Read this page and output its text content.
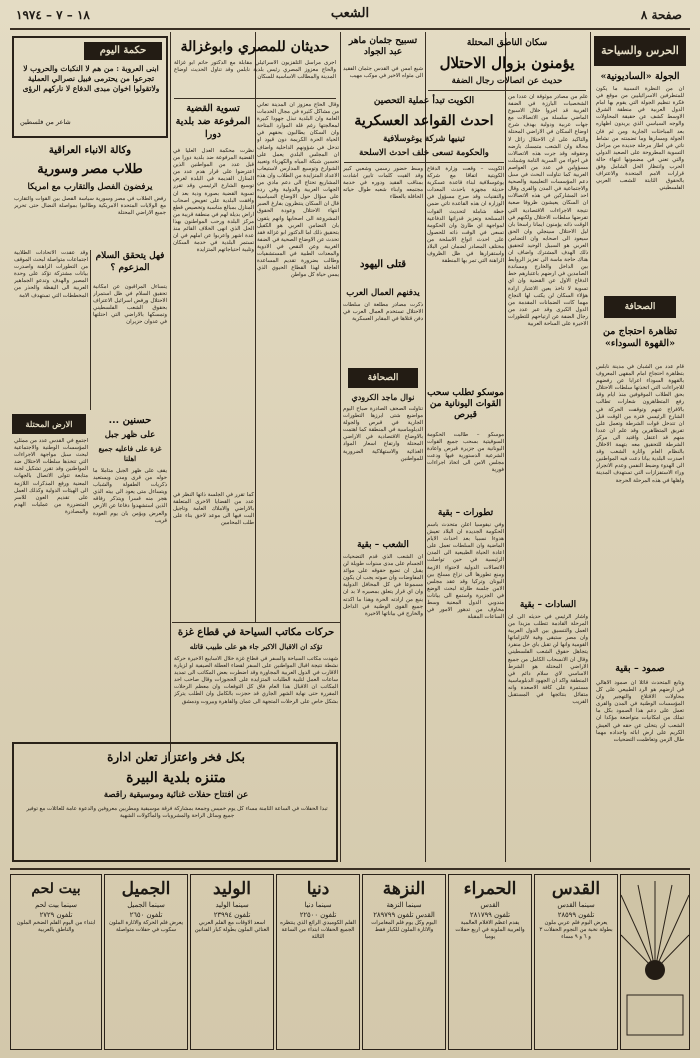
صفحة ٨
الشعب
١٨ – ٧ – ١٩٧٤
الحرس والسياحة
الجولة «الساديونية»
ان من النظرة النسبية ما يكون للمتطرفين الاسرائيليين من موقع في فكرة تنظيم الجولة التي يقوم بها امام الدول العربية في منطقة الشرق الاوسط كشف عن حقيقة المحاولات والوجه السياسي الذي يريدون اظهاره بعد المباحثات الجارية ومن ثم فان الجولة ومسارها وما تضمنته من نشاط تاتي في اطار مرحلة جديدة من مراحل التسوية المطروحة على الصعيد الدولي والتي تعني في مضمونها انتهاء حالة الحرب وانتظار الحل الشامل وفق قرارات الامم المتحدة والاعتراف بالحقوق الثابتة للشعب العربي الفلسطيني
الصحافة
تظاهرة احتجاج من «القهوة السوداء»
قام عدد من الشبان في مدينة نابلس بتظاهرة احتجاج امام المقهى المعروف بالقهوة السوداء اعرابا عن رفضهم للاجراءات التي اتخذتها سلطات الاحتلال بحق الطلاب الموقوفين منذ ايام وقد رفع المتظاهرون شعارات تطالب بالافراج عنهم وتوقفت الحركة في الشارع الرئيسي فترة من الوقت قبل ان تتدخل قوات الشرطة وتعمل على تفريق المتظاهرين وقد علم ان عددا منهم قد اعتقل واقتيد الى مركز الشرطة للتحقيق معه بتهمة الاخلال بالنظام العام واثارة الشغب وقد اصدرت البلدية بيانا دعت فيه المواطنين الى الهدوء وضبط النفس وعدم الانجرار وراء الاستفزازات التي تستهدف المدينة واهلها في هذه المرحلة الحرجة
صمود – بقية
وتابع المتحدث قائلا ان صمود الاهالي في ارضهم هو الرد الطبيعي على كل محاولات الاقتلاع والتهجير وان المؤسسات الوطنية في المدن والقرى تعمل على دعم هذا الصمود بكل ما تملك من امكانيات متواضعة مؤكدا ان الشعب لن يتخلى عن حقه في العيش الكريم على ارض ابائه واجداده مهما طال الزمن وتعاظمت التضحيات
سكان الناطق المحتلة
يؤمنون بزوال الاحتلال
حديث عن اتصالات رجال الضفة
علم من مصادر موثوقة ان عددا من الشخصيات البارزة في الضفة الغربية قد اجروا خلال الاسبوع الماضي سلسلة من الاتصالات مع جهات عربية ودولية بهدف شرح اوضاع السكان في الاراضي المحتلة والتاكيد على ان الاحتلال زائل لا محالة وان الشعب متمسك بارضه وحقوقه وقد جرت هذه الاتصالات في اجواء من السرية التامة وشملت مسؤولين في عدد من العواصم العربية كما تناولت البحث في سبل دعم المؤسسات التعليمية والصحية والاجتماعية في المدن والقرى وقال احد المشاركين في هذه الاتصالات ان السكان يعيشون ظروفا صعبة نتيجة الاجراءات الاقتصادية التي تفرضها سلطات الاحتلال ولكنهم في الوقت ذاته يؤمنون ايمانا راسخا بان ليل الاحتلال سينجلي وان الحق سيعود الى اصحابه وان التضامن العربي هو السبيل الوحيد لتحقيق ذلك الهدف المشترك واضاف ان هناك حاجة ماسة الى تعزيز الروابط بين الداخل والخارج ومساندة الصامدين في ارضهم باعتبارهم خط الدفاع الاول عن القضية وان اي تسوية لا تاخذ بعين الاعتبار ارادة هؤلاء السكان لن يكتب لها النجاح مهما كانت الضمانات المقدمة من الدول الكبرى وقد عبر عدد من رجال الضفة عن ارتياحهم للتطورات الاخيرة على الساحة العربية
السادات – بقية
واشار الرئيس في حديثه الى ان المرحلة القادمة تتطلب مزيدا من العمل والتنسيق بين الدول العربية وان مصر ستبقى وفية لالتزاماتها القومية وانها لن تقبل باي حل منفرد يتجاهل حقوق الشعب الفلسطيني وقال ان الانسحاب الكامل من جميع الاراضي المحتلة هو الشرط الاساسي لاي سلام دائم في المنطقة واكد ان الجهود الدبلوماسية مستمرة على كافة الاصعدة وانه متفائل بنتائجها في المستقبل القريب
الكويت تبدأ عملية التحصين
احدث القواعد العسكرية
تبنيها شركة يوغوسلافية
والحكومة تسعى خلف احدث الاسلحة
الكويت – وقعت وزارة الدفاع الكويتية اتفاقا مع شركة يوغوسلافية لبناء قاعدة عسكرية حديثة مجهزة باحدث المعدات والتقنيات وقد صرح مسؤول في الوزارة ان هذه القاعدة تاتي ضمن خطة شاملة لتحديث القوات المسلحة وتعزيز قدراتها الدفاعية لمواجهة اي طارئ وان الحكومة تسعى في الوقت ذاته للحصول على احدث انواع الاسلحة من مختلف المصادر لضمان امن البلاد واستقرارها في ظل الظروف الراهنة التي تمر بها المنطقة
موسكو تطلب سحب القوات اليونانية من قبرص
موسكو – طالبت الحكومة السوفيتية بسحب جميع القوات اليونانية من جزيرة قبرص واعادة الشرعية الدستورية فيها ودعت مجلس الامن الى اتخاذ اجراءات فورية
تطورات – بقية
وفي نيقوسيا اعلن متحدث باسم الحكومة الجديدة ان البلاد تعيش هدوءا نسبيا بعد احداث الايام الماضية وان السلطات تعمل على اعادة الحياة الطبيعية الى المدن الرئيسية في حين تواصلت الاتصالات الدولية لاحتواء الازمة ومنع تطورها الى نزاع مسلح بين اليونان وتركيا وقد عقد مجلس الامن جلسة طارئة لبحث الوضع في الجزيرة واستمع الى بيانات مندوبي الدول المعنية وسط مخاوف من تدهور الامور في الساعات المقبلة
تسبيح جثمان ماهر عبد الجواد
شيع امس في القدس جثمان الفقيد الى مثواه الاخير في موكب مهيب
وسط حضور رسمي وشعبي كبير وقد القيت كلمات تابين اشادت بمناقب الفقيد ودوره في خدمة مجتمعه وابناء شعبه طوال حياته الحافلة بالعطاء
قتلى اليهود
يدفنهم العمال العرب
ذكرت مصادر مطلعة ان سلطات الاحتلال تستخدم العمال العرب في دفن قتلاها في المقابر العسكرية
الصحافة
نوال ماجد الكرودي
تناولت الصحف الصادرة صباح اليوم مواضيع شتى ابرزها التطورات الجارية في قبرص والجولة الدبلوماسية في المنطقة كما اهتمت بالاوضاع الاقتصادية في الاراضي المحتلة وارتفاع اسعار المواد الغذائية والاستهلاكية الضرورية للمواطنين
الشعب – بقية
ان الشعب الذي قدم التضحيات الجسام على مدى سنوات طويلة لن يقبل ان تضيع حقوقه على موائد المفاوضات وان صوته يجب ان يكون مسموعا في كل المحافل الدولية وان اي قرار يتعلق بمصيره لا بد ان ينبع من ارادته الحرة وهذا ما اكدته جميع القوى الوطنية في الداخل والخارج في بياناتها الاخيرة
حديثان للمصري وابوغزالة
اجرى مراسل التلفزيون الاسرائيلي مقابلة مع الدكتور حاتم ابو غزالة والحاج معزوز المصري رئيس بلدية نابلس وقد تناول الحديث اوضاع المدينة والمطالب الاساسية للسكان
وقال الحاج معزوز ان المدينة تعاني من مشاكل كثيرة في مجال الخدمات العامة وان البلدية تبذل جهودا كبيرة لمعالجتها رغم قلة الموارد المتاحة وان السكان يطالبون بحقهم في الحياة الحرة الكريمة دون قيود او تدخل في شؤونهم الداخلية واضاف ان المجلس البلدي يعمل على تحسين شبكة المياه والكهرباء وتعبيد الشوارع وتوسيع المدارس لاستيعاب الاعداد المتزايدة من الطلاب وان هذه المشاريع تحتاج الى دعم مادي من الجهات العربية والدولية وفي رده على سؤال حول الاوضاع السياسية قال ان السكان ينتظرون بفارغ الصبر انتهاء الاحتلال وعودة الحقوق المشروعة الى اصحابها وانهم يثقون بان التضامن العربي هو الكفيل بتحقيق ذلك اما الدكتور ابو غزالة فقد تحدث عن الاوضاع الصحية في الضفة الغربية وعن النقص في الادوية والمعدات الطبية في المستشفيات وطالب بضرورة تقديم المساعدة العاجلة لهذا القطاع الحيوي الذي يمس حياة كل مواطن
تسوية القضية المرفوعة ضد بلدية دورا
نظرت محكمة العدل العليا في القضية المرفوعة ضد بلدية دورا من قبل عدد من المواطنين الذين اعترضوا على قرار هدم عدد من المنازل القديمة في البلدة لغرض توسيع الشارع الرئيسي وقد تقرر تسوية القضية بصورة ودية بعد ان وافقت البلدية على تعويض اصحاب المنازل بمبالغ مناسبة وتخصيص قطع اراض بديلة لهم في منطقة قريبة من مركز البلدة ورحب المواطنون بهذا الحل الذي انهى الخلاف القائم منذ عدة اشهر واعربوا عن املهم في ان تستمر البلدية في خدمة السكان وتلبية احتياجاتهم المتزايدة
كما تقرر في الجلسة ذاتها النظر في عدد من القضايا الاخرى المتعلقة بالاراضي والاملاك العامة وتاجيل البت فيها الى موعد لاحق بناء على طلب المحامين
حركات مكاتب السياحة في قطاع غزة
تؤكد ان الاقبال الاكبر جاء هو على طبيب قاتله
شهدت مكاتب السياحة والسفر في قطاع غزة خلال الاسابيع الاخيرة حركة نشطة نتيجة اقبال المواطنين على السفر لقضاء العطلة الصيفية او لزيارة الاقارب في الدول العربية المجاورة وقد اضطرت بعض المكاتب الى تمديد ساعات العمل لتلبية الطلبات المتزايدة على الحجوزات وقال صاحب احد المكاتب ان الاقبال هذا العام فاق كل التوقعات وان معظم الرحلات المقررة حتى نهاية الشهر الجاري قد حجزت بالكامل وان الطلب يتركز بشكل خاص على الرحلات المتجهة الى عمان والقاهرة وبيروت ودمشق
حكمة اليوم
ابنى العروبة : من هم لا النكبات والحروب لا تجرعوا من يحترمى فبيل نصرالي العملية ولاتقولوا اخوان مبدى الدفاع لا ناركهم الرؤى
شاعر من فلسطين
وكالة الانباء العراقية
طلاب مصر وسورية
يرفضون الفصل والتقارب مع امريكا
رفض الطلاب في مصر وسورية سياسة الفصل بين القوات والتقارب مع الولايات المتحدة الامريكية وطالبوا بمواصلة النضال حتى تحرير جميع الاراضي المحتلة
وقد عقدت الاتحادات الطلابية اجتماعات متواصلة لبحث الموقف من التطورات الراهنة واصدرت بيانات مشتركة تؤكد على وحدة المصير والهدف وتدعو الجماهير العربية الى اليقظة والحذر من المخططات التي تستهدف الامة
فهل يتحقق السلام المزعوم ؟
يتساءل المراقبون عن امكانية تحقيق السلام في ظل استمرار الاحتلال ورفض اسرائيل الاعتراف بحقوق الشعب الفلسطيني وتمسكها بالاراضي التي احتلتها في عدوان حزيران
الارض المحتلة	حسنين ...
على ظهر جبل
غزة على فاعليه جميع اهلنا
يقف على ظهر الجبل متاملا ما حوله من قرى ومدن ويستعيد ذكريات الطفولة والشباب ويتساءل متى يعود الى بيته الذي هجر منه قسرا ويتذكر رفاقه الذين استشهدوا دفاعا عن الارض والعرض ويؤمن بان يوم العودة قريب
اجتمع في القدس عدد من ممثلي المؤسسات الوطنية والاجتماعية لبحث سبل مواجهة الاجراءات التي تتخذها سلطات الاحتلال ضد المواطنين وقد تقرر تشكيل لجنة متابعة تتولى الاتصال بالجهات المعنية ورفع المذكرات اللازمة الى الهيئات الدولية وكذلك العمل على تقديم العون للاسر المتضررة من عمليات الهدم والمصادرة
بكل فخر واعتزاز تعلن ادارة
متنزه بلدية البيرة
عن افتتاح حفلات غنائية وموسيقية راقصة
تبدا الحفلات في الساعة الثامنة مساء كل يوم خميس وجمعة بمشاركة فرقة موسيقية ومطربين معروفين والدعوة عامة للعائلات مع توفير جميع وسائل الراحة والمشروبات والمأكولات الشهية
القدس
سينما القدس
تلفون ٢٨٥٩٩
يعرض اليوم فلم عربي ملون بطولة نخبة من النجوم الحفلات ٣ و ٦ و ٩ مساء
الحمراء
القدس
تلفون ٢٨١٧٩٩
يقدم اعظم الافلام العالمية والعربية الملونة في اربع حفلات يوميا
النزهة
سينما النزهة
القدس تلفون ٢٨٩٧٩٩
اليوم وكل يوم فلم المغامرات والاثارة الملون للكبار فقط
دنيا
سينما دنيا
تلفون ٢٢٥٠٠
الفلم الكوميدي الرائع الذي ينتظره الجميع الحفلات ابتداء من الساعة الثالثة
الوليد
سينما الوليد
تلفون ٢٣٩٩٤
اسعد الاوقات مع الفلم العربي الغنائي الملون بطولة كبار الفنانين
الجميل
سينما الجميل
تلفون ٢٦٥٠
يعرض فلم الحركة والاثارة الملون سكوب في حفلات متواصلة
بيت لحم
سينما بيت لحم
تلفون ٢٧٢٩
ابتداء من اليوم الفلم الضخم الملون والناطق بالعربية
